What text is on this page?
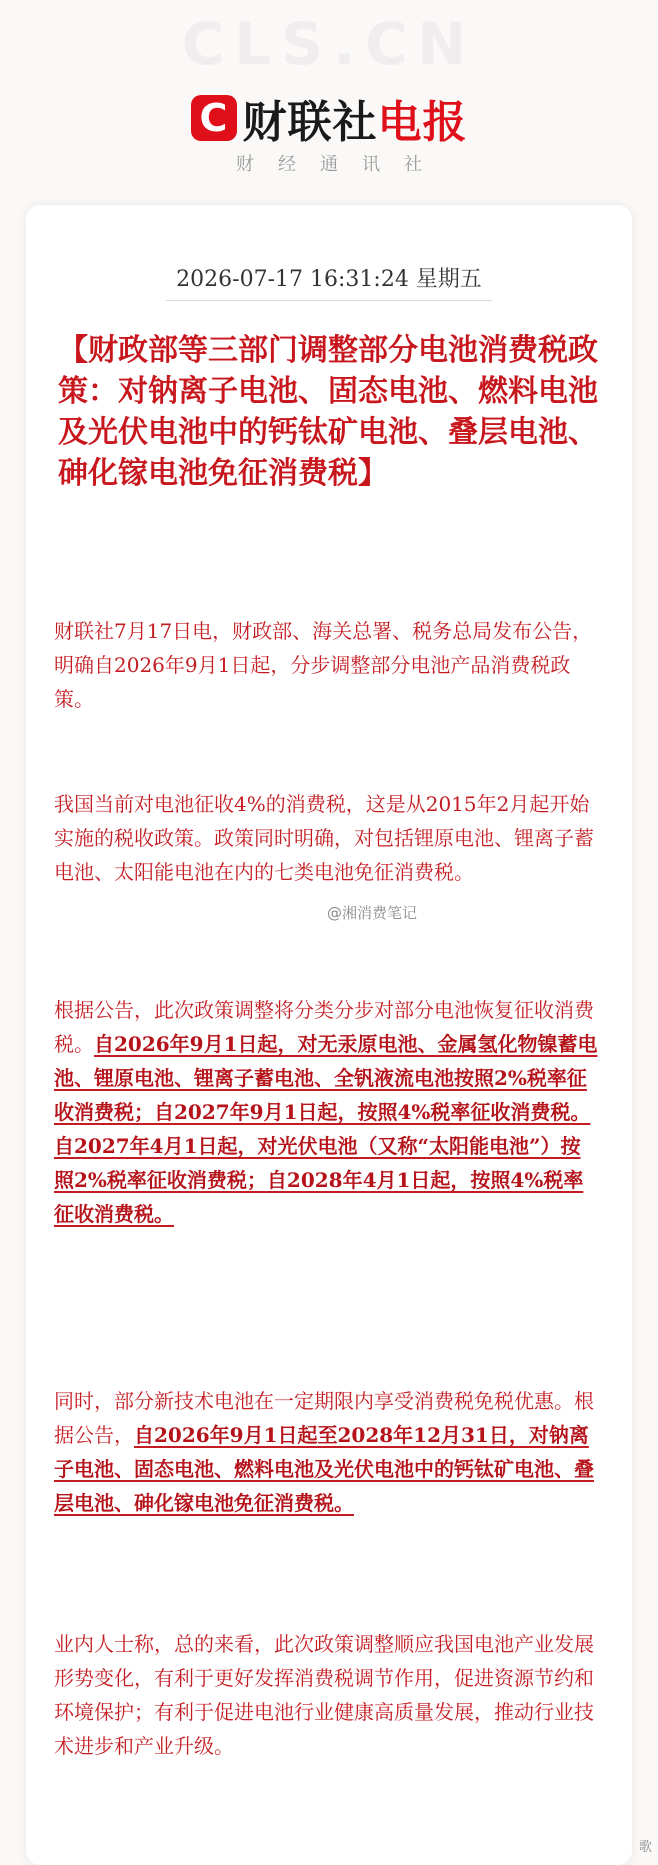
CLS.CN
C 财联社电报
财经通讯社
2026-07-17 16:31:24 星期五
【财政部等三部门调整部分电池消费税政策：对钠离子电池、固态电池、燃料电池及光伏电池中的钙钛矿电池、叠层电池、砷化镓电池免征消费税】
财联社7月17日电，财政部、海关总署、税务总局发布公告，明确自2026年9月1日起，分步调整部分电池产品消费税政策。
我国当前对电池征收4%的消费税，这是从2015年2月起开始实施的税收政策。政策同时明确，对包括锂原电池、锂离子蓄电池、太阳能电池在内的七类电池免征消费税。
根据公告，此次政策调整将分类分步对部分电池恢复征收消费税。自2026年9月1日起，对无汞原电池、金属氢化物镍蓄电池、锂原电池、锂离子蓄电池、全钒液流电池按照2%税率征收消费税；自2027年9月1日起，按照4%税率征收消费税。自2027年4月1日起，对光伏电池（又称“太阳能电池”）按照2%税率征收消费税；自2028年4月1日起，按照4%税率征收消费税。
同时，部分新技术电池在一定期限内享受消费税免税优惠。根据公告，自2026年9月1日起至2028年12月31日，对钠离子电池、固态电池、燃料电池及光伏电池中的钙钛矿电池、叠层电池、砷化镓电池免征消费税。
业内人士称，总的来看，此次政策调整顺应我国电池产业发展形势变化，有利于更好发挥消费税调节作用，促进资源节约和环境保护；有利于促进电池行业健康高质量发展，推动行业技术进步和产业升级。
@湘消费笔记
歌
